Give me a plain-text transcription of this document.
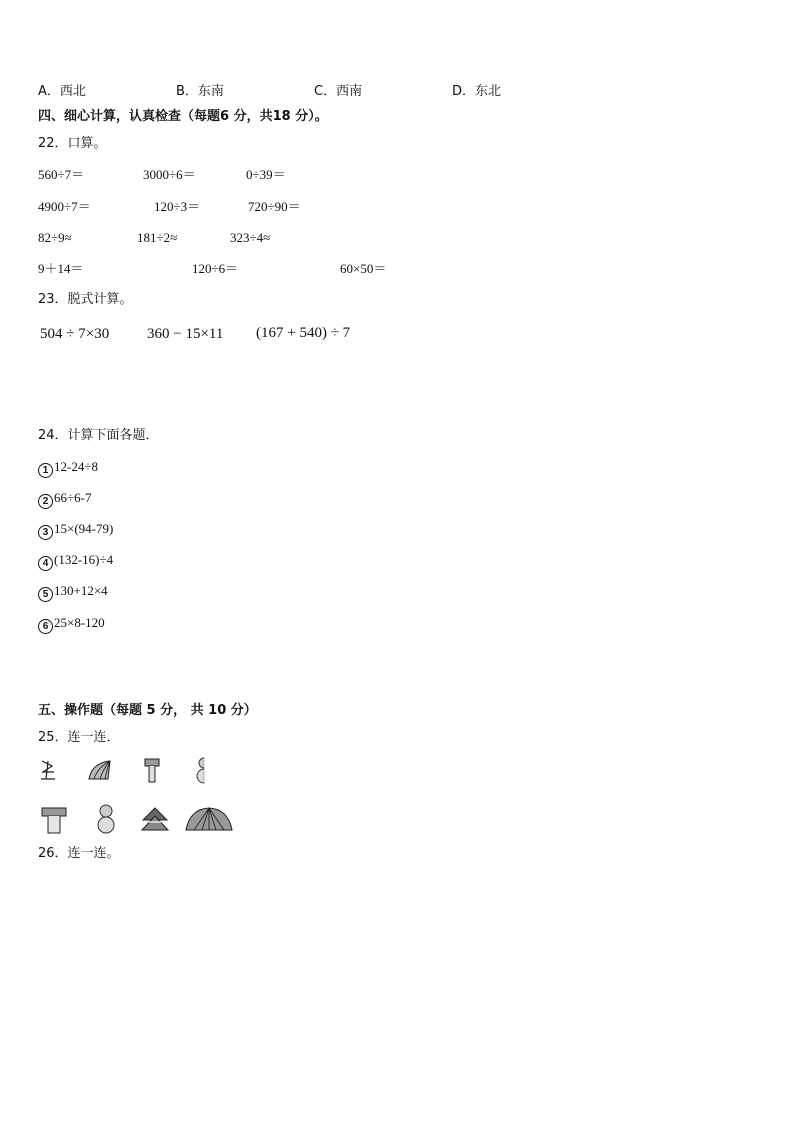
A．西北	B．东南	C．西南	D．东北
四、细心计算，认真检查（每题6 分，共18 分）。
22．口算。
560÷7＝	3000÷6＝	0÷39＝
4900÷7＝	120÷3＝	720÷90＝
82÷9≈	181÷2≈	323÷4≈
9＋14＝	120÷6＝	60×50＝
23．脱式计算。
504 ÷ 7×30	360 − 15×11 (167 + 540) ÷ 7
24．计算下面各题．
1 12-24÷8
2 66÷6-7
3 15×(94-79)
4 (132-16)÷4
5 130+12×4
6 25×8-120
五、操作题（每题 5 分， 共 10 分）
25．连一连．
26．连一连。
